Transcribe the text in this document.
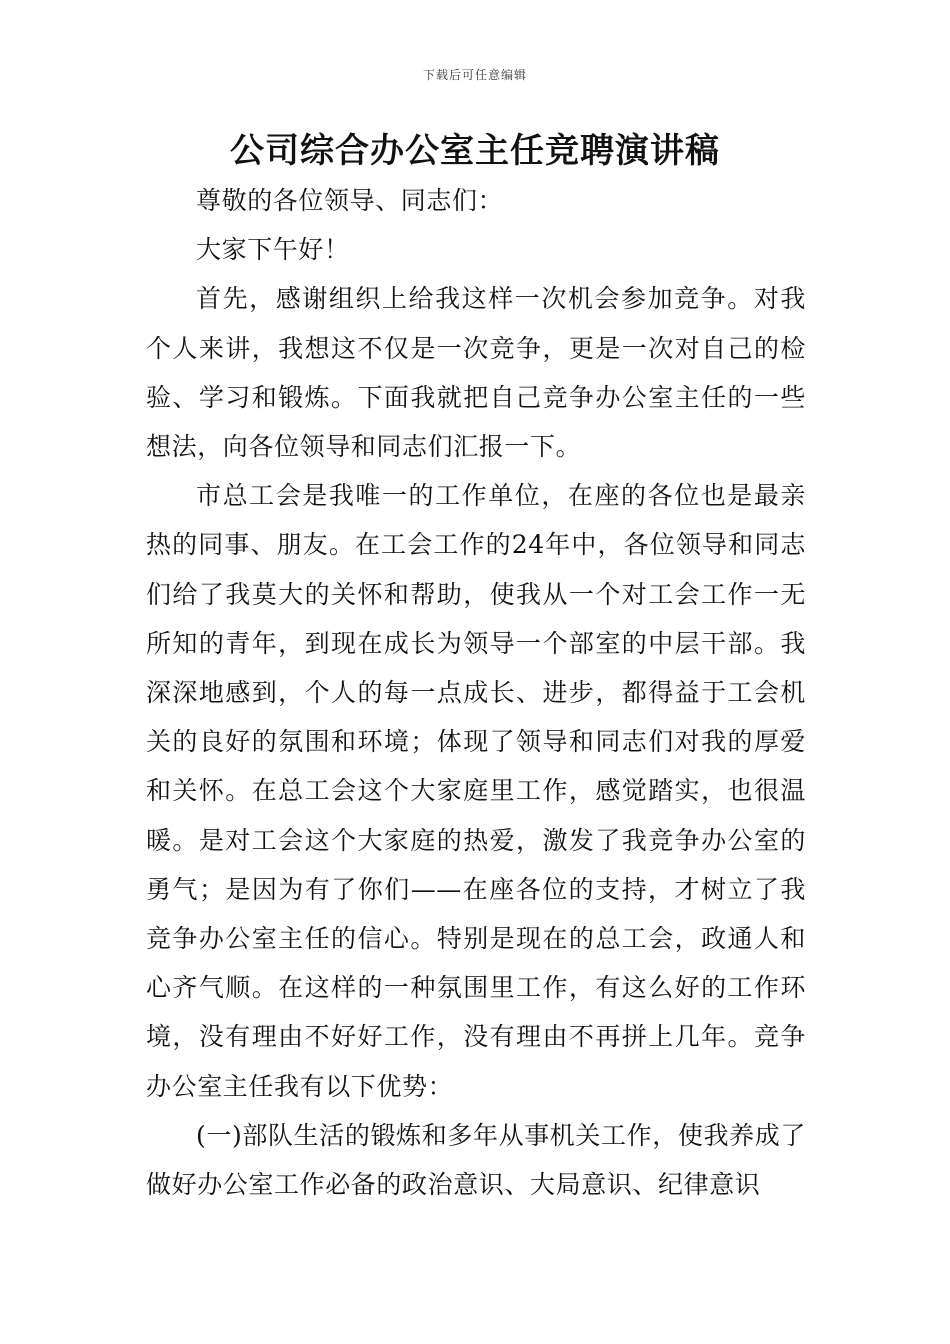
下载后可任意编辑
公司综合办公室主任竞聘演讲稿

尊敬的各位领导、同志们：

大家下午好！

首先，感谢组织上给我这样一次机会参加竞争。对我个人来讲，我想这不仅是一次竞争，更是一次对自己的检验、学习和锻炼。下面我就把自己竞争办公室主任的一些想法，向各位领导和同志们汇报一下。

市总工会是我唯一的工作单位，在座的各位也是最亲热的同事、朋友。在工会工作的24年中，各位领导和同志们给了我莫大的关怀和帮助，使我从一个对工会工作一无所知的青年，到现在成长为领导一个部室的中层干部。我深深地感到，个人的每一点成长、进步，都得益于工会机关的良好的氛围和环境；体现了领导和同志们对我的厚爱和关怀。在总工会这个大家庭里工作，感觉踏实，也很温暖。是对工会这个大家庭的热爱，激发了我竞争办公室的勇气；是因为有了你们——在座各位的支持，才树立了我竞争办公室主任的信心。特别是现在的总工会，政通人和心齐气顺。在这样的一种氛围里工作，有这么好的工作环境，没有理由不好好工作，没有理由不再拼上几年。竞争办公室主任我有以下优势：

(一)部队生活的锻炼和多年从事机关工作，使我养成了做好办公室工作必备的政治意识、大局意识、纪律意识
